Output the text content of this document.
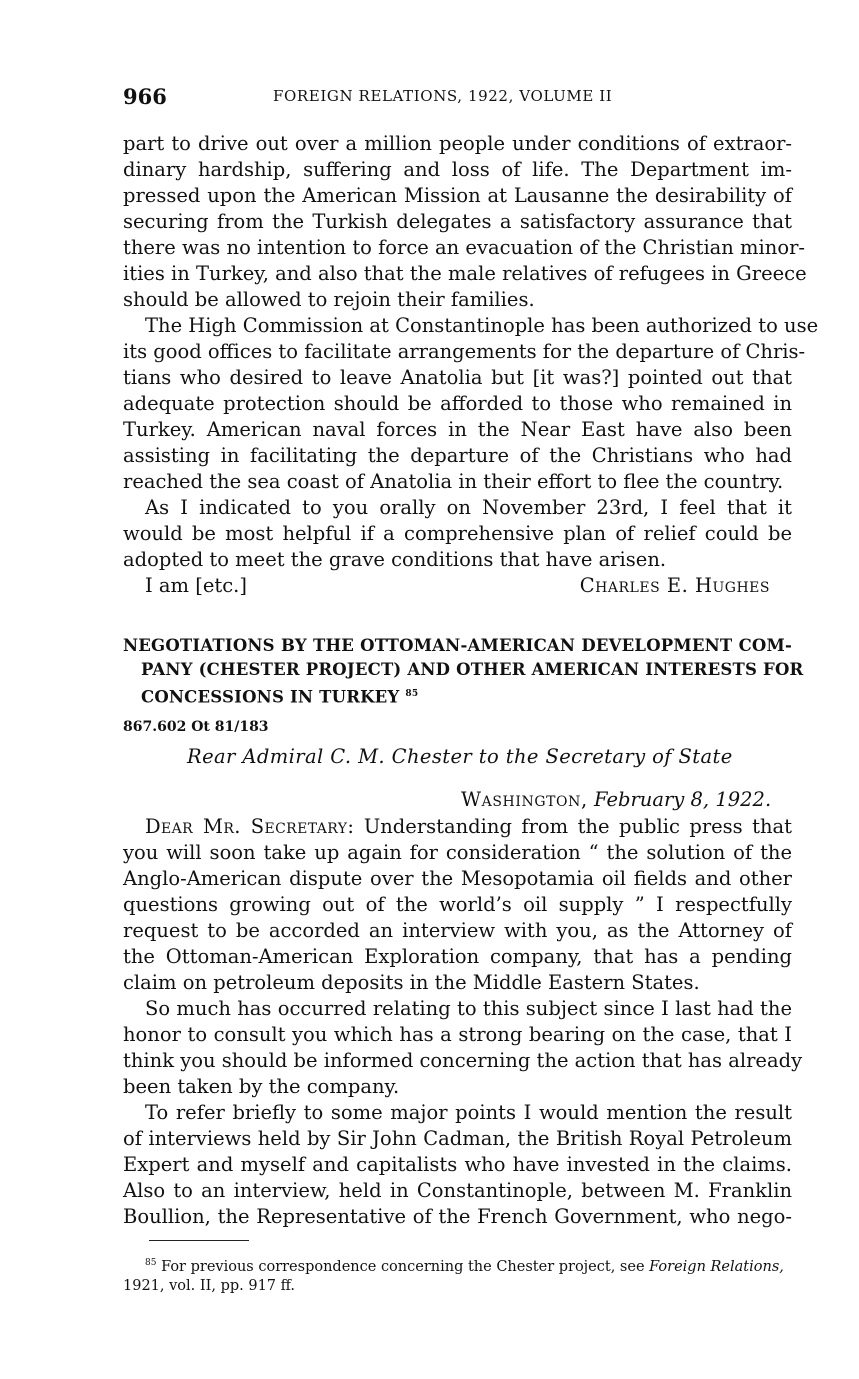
966	FOREIGN RELATIONS, 1922, VOLUME II
part to drive out over a million people under conditions of extraor-
dinary hardship, suffering and loss of life. The Department im-
pressed upon the American Mission at Lausanne the desirability of
securing from the Turkish delegates a satisfactory assurance that
there was no intention to force an evacuation of the Christian minor-
ities in Turkey, and also that the male relatives of refugees in Greece
should be allowed to rejoin their families.
The High Commission at Constantinople has been authorized to use
its good offices to facilitate arrangements for the departure of Chris-
tians who desired to leave Anatolia but [it was?] pointed out that
adequate protection should be afforded to those who remained in
Turkey. American naval forces in the Near East have also been
assisting in facilitating the departure of the Christians who had
reached the sea coast of Anatolia in their effort to flee the country.
As I indicated to you orally on November 23rd, I feel that it
would be most helpful if a comprehensive plan of relief could be
adopted to meet the grave conditions that have arisen.
I am [etc.]	Charles E. Hughes
NEGOTIATIONS BY THE OTTOMAN-AMERICAN DEVELOPMENT COM-
PANY (CHESTER PROJECT) AND OTHER AMERICAN INTERESTS FOR
CONCESSIONS IN TURKEY $^{85}$
867.602 Ot 81/183
Rear Admiral C. M. Chester to the Secretary of State
Washington, February 8, 1922.
Dear Mr. Secretary: Understanding from the public press that
you will soon take up again for consideration “ the solution of the
Anglo-American dispute over the Mesopotamia oil fields and other
questions growing out of the world’s oil supply ” I respectfully
request to be accorded an interview with you, as the Attorney of
the Ottoman-American Exploration company, that has a pending
claim on petroleum deposits in the Middle Eastern States.
So much has occurred relating to this subject since I last had the
honor to consult you which has a strong bearing on the case, that I
think you should be informed concerning the action that has already
been taken by the company.
To refer briefly to some major points I would mention the result
of interviews held by Sir John Cadman, the British Royal Petroleum
Expert and myself and capitalists who have invested in the claims.
Also to an interview, held in Constantinople, between M. Franklin
Boullion, the Representative of the French Government, who nego-
$^{85}$ For previous correspondence concerning the Chester project, see Foreign Relations, 1921, vol. II, pp. 917 ff.
